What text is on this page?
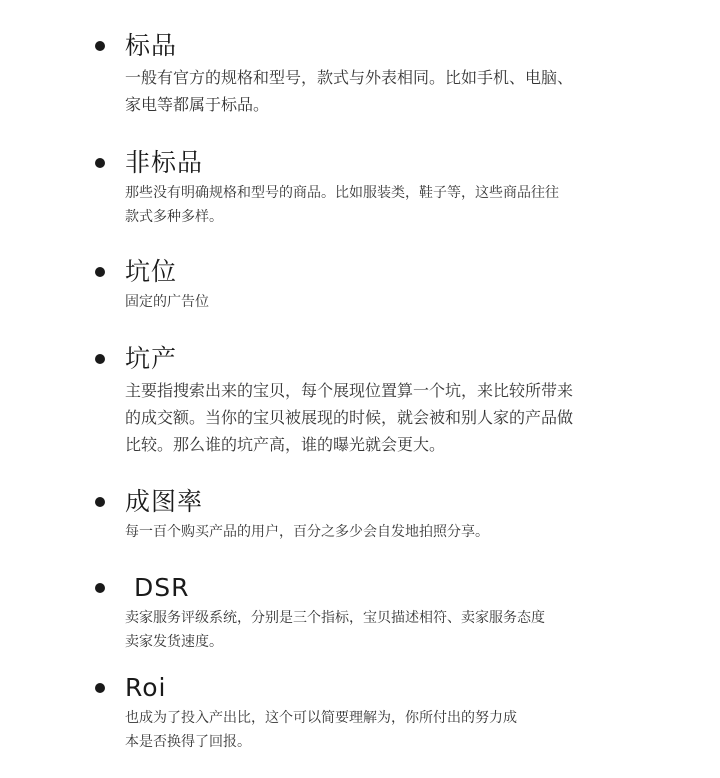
标品
一般有官方的规格和型号，款式与外表相同。比如手机、电脑、
家电等都属于标品。
非标品
那些没有明确规格和型号的商品。比如服装类，鞋子等，这些商品往往
款式多种多样。
坑位
固定的广告位
坑产
主要指搜索出来的宝贝，每个展现位置算一个坑，来比较所带来
的成交额。当你的宝贝被展现的时候，就会被和别人家的产品做
比较。那么谁的坑产高，谁的曝光就会更大。
成图率
每一百个购买产品的用户，百分之多少会自发地拍照分享。
DSR
卖家服务评级系统，分别是三个指标，宝贝描述相符、卖家服务态度
卖家发货速度。
Roi
也成为了投入产出比，这个可以简要理解为，你所付出的努力成
本是否换得了回报。
